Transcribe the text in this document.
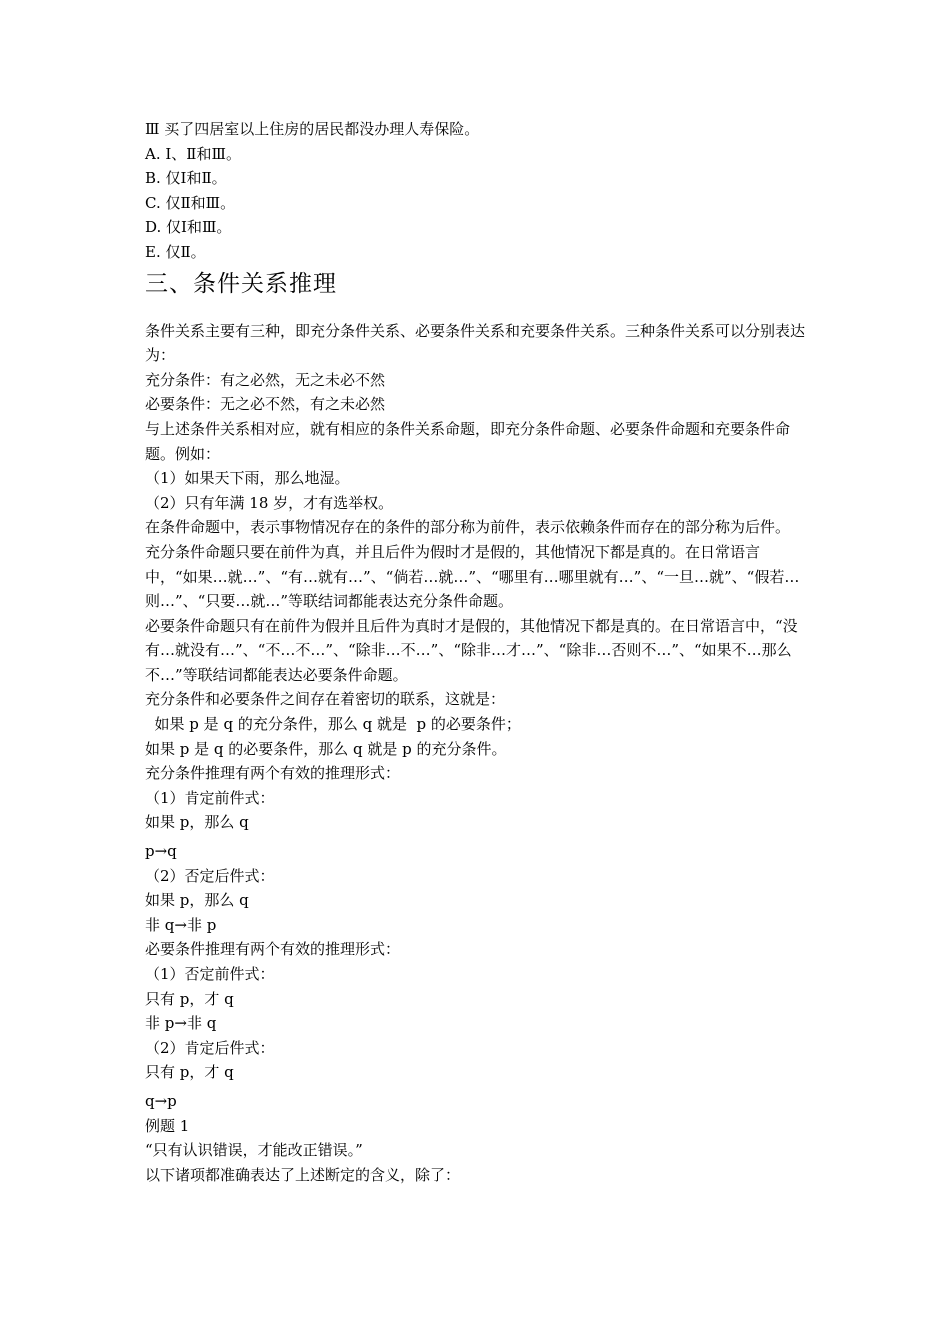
Ⅲ 买了四居室以上住房的居民都没办理人寿保险。
A. Ⅰ、Ⅱ和Ⅲ。
B. 仅Ⅰ和Ⅱ。
C. 仅Ⅱ和Ⅲ。
D. 仅Ⅰ和Ⅲ。
E. 仅Ⅱ。
三、条件关系推理
条件关系主要有三种，即充分条件关系、必要条件关系和充要条件关系。三种条件关系可以分别表达为：
充分条件：有之必然，无之未必不然
必要条件：无之必不然，有之未必然
与上述条件关系相对应，就有相应的条件关系命题，即充分条件命题、必要条件命题和充要条件命题。例如：
（1）如果天下雨，那么地湿。
（2）只有年满 18 岁，才有选举权。
在条件命题中，表示事物情况存在的条件的部分称为前件，表示依赖条件而存在的部分称为后件。
充分条件命题只要在前件为真，并且后件为假时才是假的，其他情况下都是真的。在日常语言中，“如果…就…”、“有…就有…”、“倘若…就…”、“哪里有…哪里就有…”、“一旦…就”、“假若…则…”、“只要…就…”等联结词都能表达充分条件命题。
必要条件命题只有在前件为假并且后件为真时才是假的，其他情况下都是真的。在日常语言中，“没有…就没有…”、“不…不…”、“除非…不…”、“除非…才…”、“除非…否则不…”、“如果不…那么不…”等联结词都能表达必要条件命题。
充分条件和必要条件之间存在着密切的联系，这就是：
如果 p 是 q 的充分条件，那么 q 就是  p 的必要条件；
如果 p 是 q 的必要条件，那么 q 就是 p 的充分条件。
充分条件推理有两个有效的推理形式：
（1）肯定前件式：
如果 p，那么 q
p→q
（2）否定后件式：
如果 p，那么 q
非 q→非 p
必要条件推理有两个有效的推理形式：
（1）否定前件式：
只有 p，才 q
非 p→非 q
（2）肯定后件式：
只有 p，才 q
q→p
例题 1
“只有认识错误，才能改正错误。”
以下诸项都准确表达了上述断定的含义，除了：
